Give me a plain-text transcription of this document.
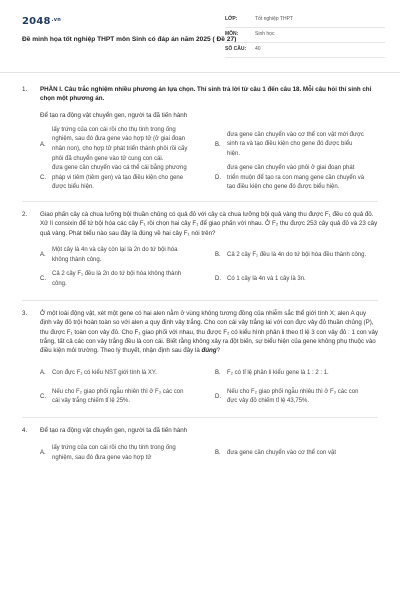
2048.vn
Đề minh họa tốt nghiệp THPT môn Sinh có đáp án năm 2025 ( Đề 27)
LỚP:	Tốt nghiệp THPT
MÔN:	Sinh học
SỐ CÂU:	40
1. PHẦN I. Câu trắc nghiệm nhiều phương án lựa chọn. Thí sinh trả lời từ câu 1 đến câu 18. Mỗi câu hỏi thí sinh chỉ chọn một phương án.
Để tạo ra động vật chuyển gen, người ta đã tiến hành
A.
lấy trứng của con cái rồi cho thụ tinh trong ống nghiệm, sau đó đưa gene vào hợp tử (ở giai đoạn nhân non), cho hợp tử phát triển thành phôi rồi cấy phôi đã chuyển gene vào tử cung con cái.
B.
đưa gene cần chuyển vào cơ thể con vật mới được sinh ra và tạo điều kiện cho gene đó được biểu hiện.
C.
đưa gene cần chuyển vào cá thể cái bằng phương pháp vi tiêm (tiêm gen) và tạo điều kiện cho gene được biểu hiện.
D.
đưa gene cần chuyển vào phôi ở giai đoạn phát triển muộn để tạo ra con mang gene cần chuyển và tạo điều kiện cho gene đó được biểu hiện.
2. Giao phấn cây cà chua lưỡng bội thuần chủng có quả đỏ với cây cà chua lưỡng bội quả vàng thu được F₁ đều có quả đỏ. Xử lí consixin để tứ bội hóa các cây F₁ rồi chọn hai cây F₁ để giao phấn với nhau. Ở F₂ thu được 253 cây quả đỏ và 23 cây quả vàng. Phát biểu nào sau đây là đúng về hai cây F₁ nói trên?
A.
Một cây là 4n và cây còn lại là 2n do tứ bội hóa không thành công.
B.	Cả 2 cây F₁ đều là 4n do tứ bội hóa đều thành công.
C.
Cả 2 cây F₁ đều là 2n do tứ bội hóa không thành công.
D.	Có 1 cây là 4n và 1 cây là 3n.
3. Ở một loài động vật, xét một gene có hai alen nằm ở vùng không tương đồng của nhiễm sắc thể giới tính X; alen A quy định vảy đỏ trội hoàn toàn so với alen a quy định vảy trắng. Cho con cái vảy trắng lai với con đực vảy đỏ thuần chủng (P), thu được F₁ toàn con vảy đỏ. Cho F₁ giao phối với nhau, thu được F₂ có kiểu hình phân li theo tỉ lệ 3 con vảy đỏ : 1 con vảy trắng, tất cả các con vảy trắng đều là con cái. Biết rằng không xảy ra đột biến, sự biểu hiện của gene không phụ thuộc vào điều kiện môi trường. Theo lý thuyết, nhận định sau đây là đúng?
A.	Con đực F₁ có kiểu NST giới tính là XY.	B.	F₂ có tỉ lệ phân li kiểu gene là 1 : 2 : 1.
C.
Nếu cho F₂ giao phối ngẫu nhiên thì ở F₃ các con cái vảy trắng chiếm tỉ lệ 25%.
D.
Nếu cho F₂ giao phối ngẫu nhiêu thì ở F₃ các con đực vảy đỏ chiếm tỉ lệ 43,75%.
4. Để tạo ra động vật chuyển gen, người ta đã tiến hành
A.
lấy trứng của con cái rồi cho thụ tinh trong ống nghiệm, sau đó đưa gene vào hợp tử
B.	đưa gene cần chuyển vào cơ thể con vật
